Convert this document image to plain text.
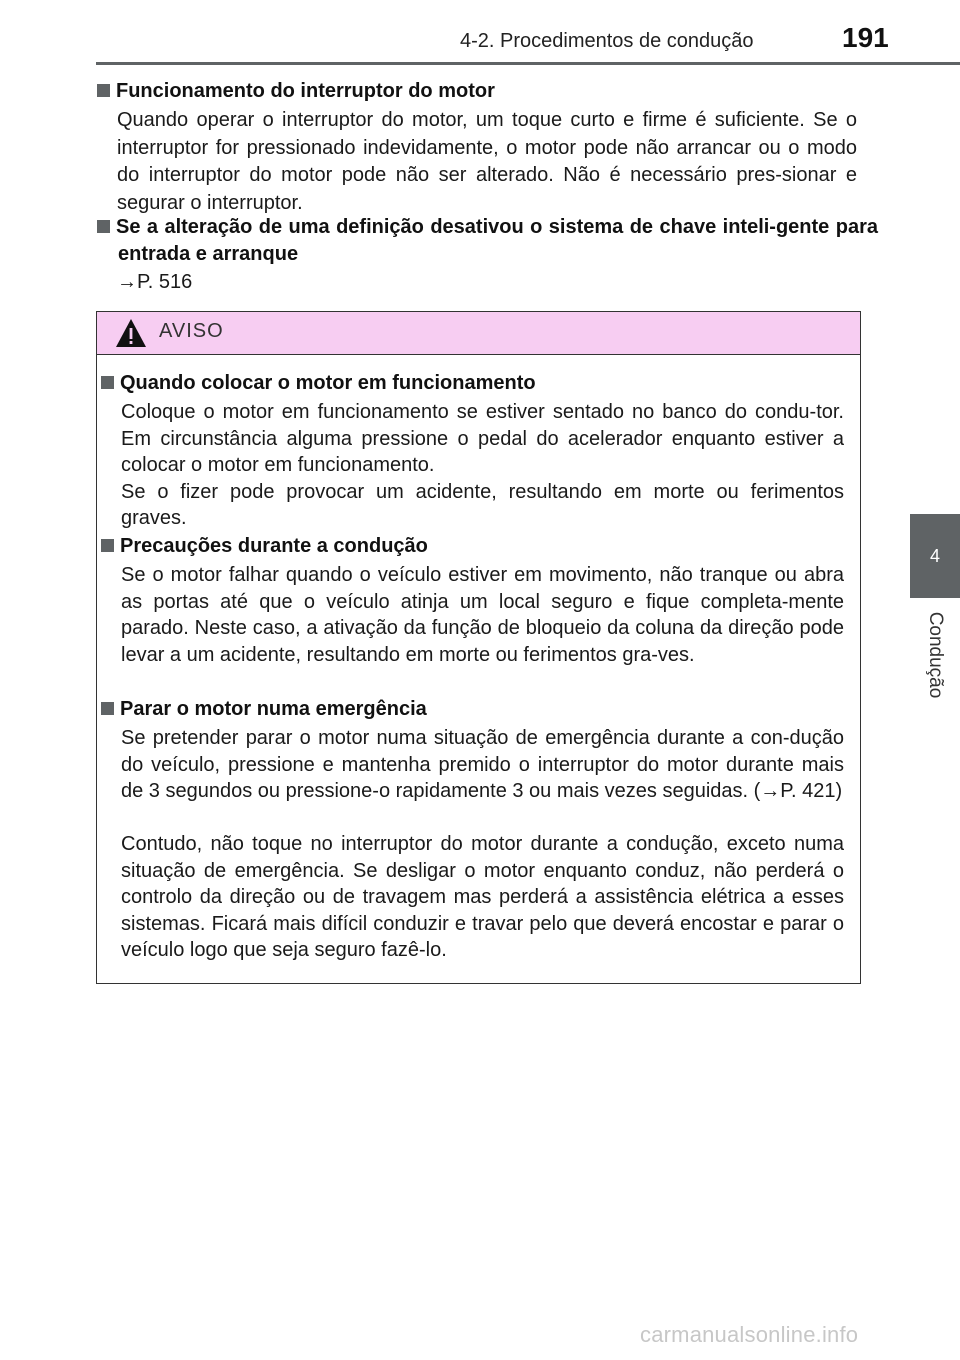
4-2. Procedimentos de condução	191
4
Condução
Funcionamento do interruptor do motor
Quando operar o interruptor do motor, um toque curto e firme é suficiente. Se o interruptor for pressionado indevidamente, o motor pode não arrancar ou o modo do interruptor do motor pode não ser alterado. Não é necessário pres-sionar e segurar o interruptor.
Se a alteração de uma definição desativou o sistema de chave inteli-gente para entrada e arranque
→P. 516
AVISO
Quando colocar o motor em funcionamento

Coloque o motor em funcionamento se estiver sentado no banco do condu-tor. Em circunstância alguma pressione o pedal do acelerador enquanto estiver a colocar o motor em funcionamento.

Se o fizer pode provocar um acidente, resultando em morte ou ferimentos graves.

Precauções durante a condução

Se o motor falhar quando o veículo estiver em movimento, não tranque ou abra as portas até que o veículo atinja um local seguro e fique completa-mente parado. Neste caso, a ativação da função de bloqueio da coluna da direção pode levar a um acidente, resultando em morte ou ferimentos gra-ves.

Parar o motor numa emergência

Se pretender parar o motor numa situação de emergência durante a con-dução do veículo, pressione e mantenha premido o interruptor do motor durante mais de 3 segundos ou pressione-o rapidamente 3 ou mais vezes seguidas. (→P. 421)

Contudo, não toque no interruptor do motor durante a condução, exceto numa situação de emergência. Se desligar o motor enquanto conduz, não perderá o controlo da direção ou de travagem mas perderá a assistência elétrica a esses sistemas. Ficará mais difícil conduzir e travar pelo que deverá encostar e parar o veículo logo que seja seguro fazê-lo.

carmanualsonline.info
